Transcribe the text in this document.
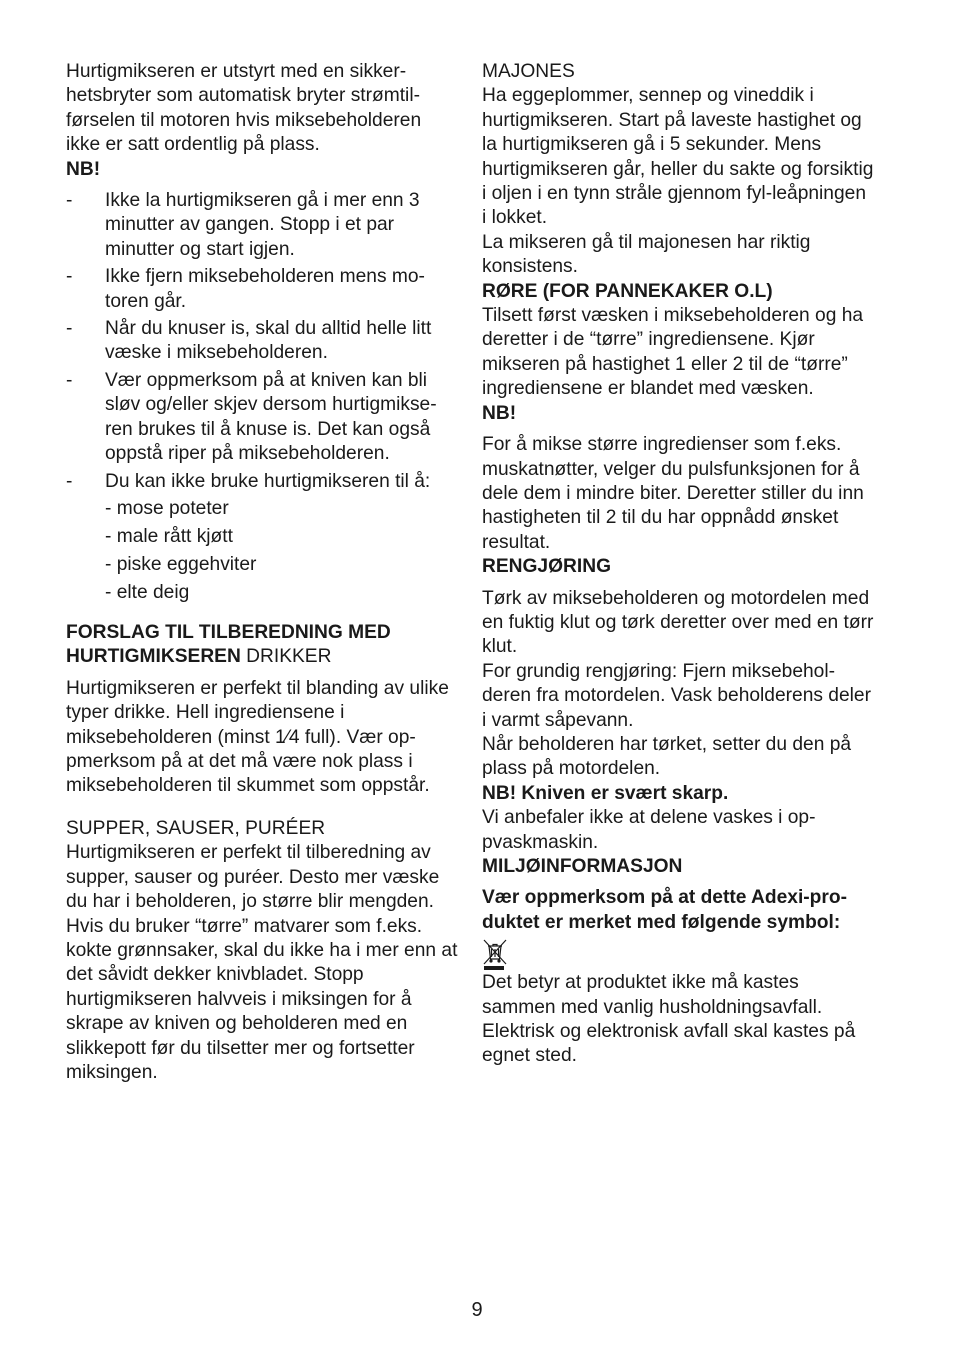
Hurtigmikseren er utstyrt med en sikker-hetsbryter som automatisk bryter strømtil-førselen til motoren hvis miksebeholderen ikke er satt ordentlig på plass.

NB!

- Ikke la hurtigmikseren gå i mer enn 3 minutter av gangen. Stopp i et par minutter og start igjen.
- Ikke fjern miksebeholderen mens mo-toren går.
- Når du knuser is, skal du alltid helle litt væske i miksebeholderen.
- Vær oppmerksom på at kniven kan bli sløv og/eller skjev dersom hurtigmikse-ren brukes til å knuse is. Det kan også oppstå riper på miksebeholderen.
- Du kan ikke bruke hurtigmikseren til å:
- mose poteter
- male rått kjøtt
- piske eggehviter
- elte deig

FORSLAG TIL TILBEREDNING MED HURTIGMIKSEREN DRIKKER

Hurtigmikseren er perfekt til blanding av ulike typer drikke. Hell ingrediensene i miksebeholderen (minst 1⁄4 full). Vær op-pmerksom på at det må være nok plass i miksebeholderen til skummet som oppstår.

SUPPER, SAUSER, PURÉER

Hurtigmikseren er perfekt til tilberedning av supper, sauser og puréer. Desto mer væske du har i beholderen, jo større blir mengden.

Hvis du bruker “tørre” matvarer som f.eks. kokte grønnsaker, skal du ikke ha i mer enn at det såvidt dekker knivbladet. Stopp hurtigmikseren halvveis i miksingen for å skrape av kniven og beholderen med en slikkepott før du tilsetter mer og fortsetter miksingen.

MAJONES

Ha eggeplommer, sennep og vineddik i hurtigmikseren. Start på laveste hastighet og la hurtigmikseren gå i 5 sekunder. Mens hurtigmikseren går, heller du sakte og forsiktig i oljen i en tynn stråle gjennom fyl-leåpningen i lokket.

La mikseren gå til majonesen har riktig konsistens.

RØRE (FOR PANNEKAKER O.L)

Tilsett først væsken i miksebeholderen og ha deretter i de “tørre” ingrediensene. Kjør mikseren på hastighet 1 eller 2 til de “tørre” ingrediensene er blandet med væsken.

NB!

For å mikse større ingredienser som f.eks. muskatnøtter, velger du pulsfunksjonen for å dele dem i mindre biter. Deretter stiller du inn hastigheten til 2 til du har oppnådd ønsket resultat.

RENGJØRING

Tørk av miksebeholderen og motordelen med en fuktig klut og tørk deretter over med en tørr klut.

For grundig rengjøring: Fjern miksebehol-deren fra motordelen. Vask beholderens deler i varmt såpevann.

Når beholderen har tørket, setter du den på plass på motordelen.

NB! Kniven er svært skarp.

Vi anbefaler ikke at delene vaskes i op-pvaskmaskin.

MILJØINFORMASJON

Vær oppmerksom på at dette Adexi-pro-duktet er merket med følgende symbol:

Det betyr at produktet ikke må kastes sammen med vanlig husholdningsavfall. Elektrisk og elektronisk avfall skal kastes på egnet sted.

9
